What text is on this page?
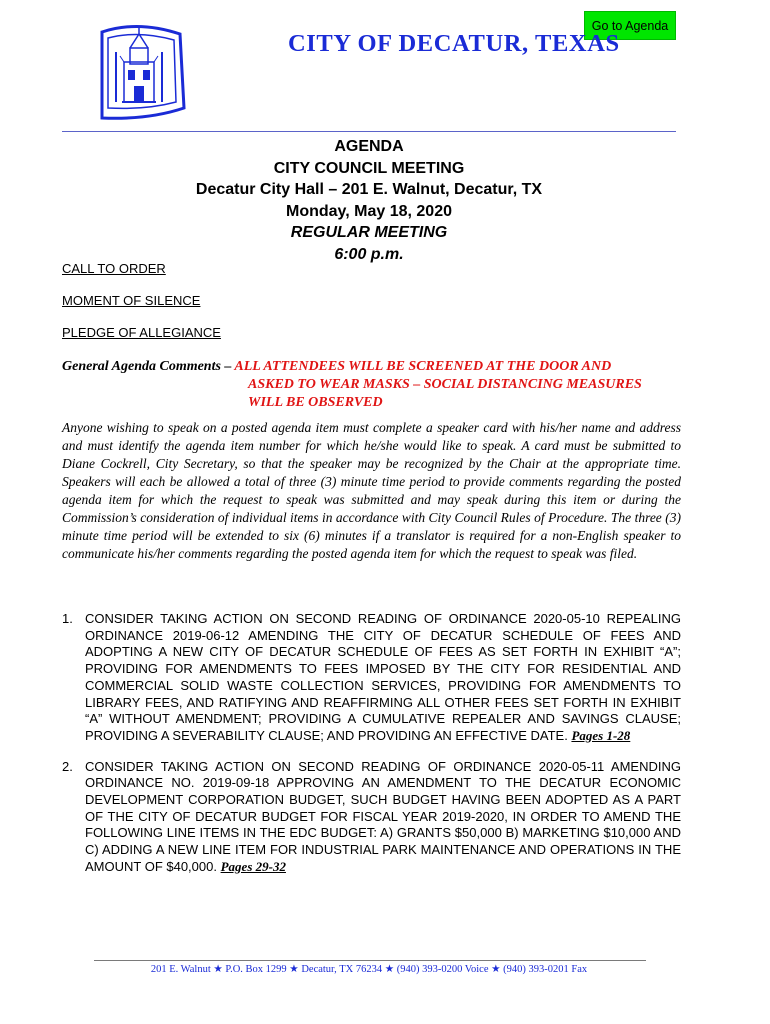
Go to Agenda
CITY OF DECATUR, TEXAS
AGENDA
CITY COUNCIL MEETING
Decatur City Hall – 201 E. Walnut, Decatur, TX
Monday, May 18, 2020
REGULAR MEETING
6:00 p.m.
CALL TO ORDER
MOMENT OF SILENCE
PLEDGE OF ALLEGIANCE
General Agenda Comments – ALL ATTENDEES WILL BE SCREENED AT THE DOOR AND
ASKED TO WEAR MASKS – SOCIAL DISTANCING MEASURES
WILL BE OBSERVED

Anyone wishing to speak on a posted agenda item must complete a speaker card with his/her name and address and must identify the agenda item number for which he/she would like to speak. A card must be submitted to Diane Cockrell, City Secretary, so that the speaker may be recognized by the Chair at the appropriate time. Speakers will each be allowed a total of three (3) minute time period to provide comments regarding the posted agenda item for which the request to speak was submitted and may speak during this item or during the Commission’s consideration of individual items in accordance with City Council Rules of Procedure. The three (3) minute time period will be extended to six (6) minutes if a translator is required for a non-English speaker to communicate his/her comments regarding the posted agenda item for which the request to speak was filed.

1. CONSIDER TAKING ACTION ON SECOND READING OF ORDINANCE 2020-05-10 REPEALING ORDINANCE 2019-06-12 AMENDING THE CITY OF DECATUR SCHEDULE OF FEES AND ADOPTING A NEW CITY OF DECATUR SCHEDULE OF FEES AS SET FORTH IN EXHIBIT “A”; PROVIDING FOR AMENDMENTS TO FEES IMPOSED BY THE CITY FOR RESIDENTIAL AND COMMERCIAL SOLID WASTE COLLECTION SERVICES, PROVIDING FOR AMENDMENTS TO LIBRARY FEES, AND RATIFYING AND REAFFIRMING ALL OTHER FEES SET FORTH IN EXHIBIT “A” WITHOUT AMENDMENT; PROVIDING A CUMULATIVE REPEALER AND SAVINGS CLAUSE; PROVIDING A SEVERABILITY CLAUSE; AND PROVIDING AN EFFECTIVE DATE. Pages 1-28
2. CONSIDER TAKING ACTION ON SECOND READING OF ORDINANCE 2020-05-11 AMENDING ORDINANCE NO. 2019-09-18 APPROVING AN AMENDMENT TO THE DECATUR ECONOMIC DEVELOPMENT CORPORATION BUDGET, SUCH BUDGET HAVING BEEN ADOPTED AS A PART OF THE CITY OF DECATUR BUDGET FOR FISCAL YEAR 2019-2020, IN ORDER TO AMEND THE FOLLOWING LINE ITEMS IN THE EDC BUDGET: A) GRANTS $50,000 B) MARKETING $10,000 AND C) ADDING A NEW LINE ITEM FOR INDUSTRIAL PARK MAINTENANCE AND OPERATIONS IN THE AMOUNT OF $40,000. Pages 29-32
201 E. Walnut ★ P.O. Box 1299 ★ Decatur, TX 76234 ★ (940) 393-0200 Voice ★ (940) 393-0201 Fax
